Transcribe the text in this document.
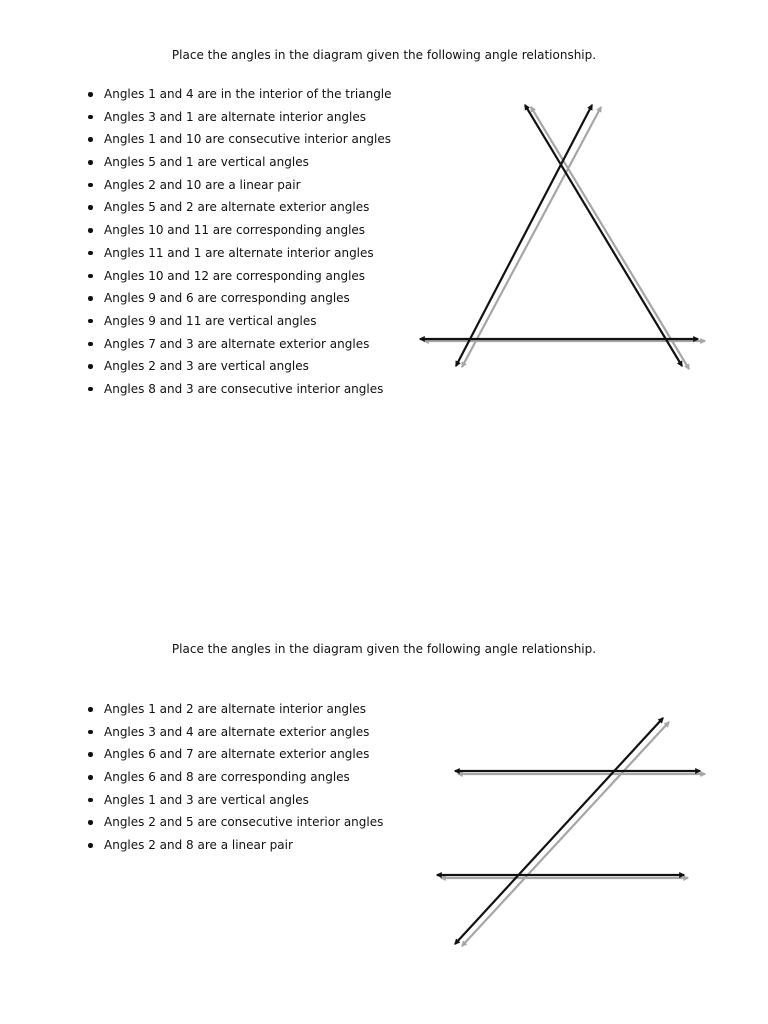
Place the angles in the diagram given the following angle relationship.

Angles 1 and 4 are in the interior of the triangle
Angles 3 and 1 are alternate interior angles
Angles 1 and 10 are consecutive interior angles
Angles 5 and 1 are vertical angles
Angles 2 and 10 are a linear pair
Angles 5 and 2 are alternate exterior angles
Angles 10 and 11 are corresponding angles
Angles 11 and 1 are alternate interior angles
Angles 10 and 12 are corresponding angles
Angles 9 and 6 are corresponding angles
Angles 9 and 11 are vertical angles
Angles 7 and 3 are alternate exterior angles
Angles 2 and 3 are vertical angles
Angles 8 and 3 are consecutive interior angles

Place the angles in the diagram given the following angle relationship.

Angles 1 and 2 are alternate interior angles
Angles 3 and 4 are alternate exterior angles
Angles 6 and 7 are alternate exterior angles
Angles 6 and 8 are corresponding angles
Angles 1 and 3 are vertical angles
Angles 2 and 5 are consecutive interior angles
Angles 2 and 8 are a linear pair
